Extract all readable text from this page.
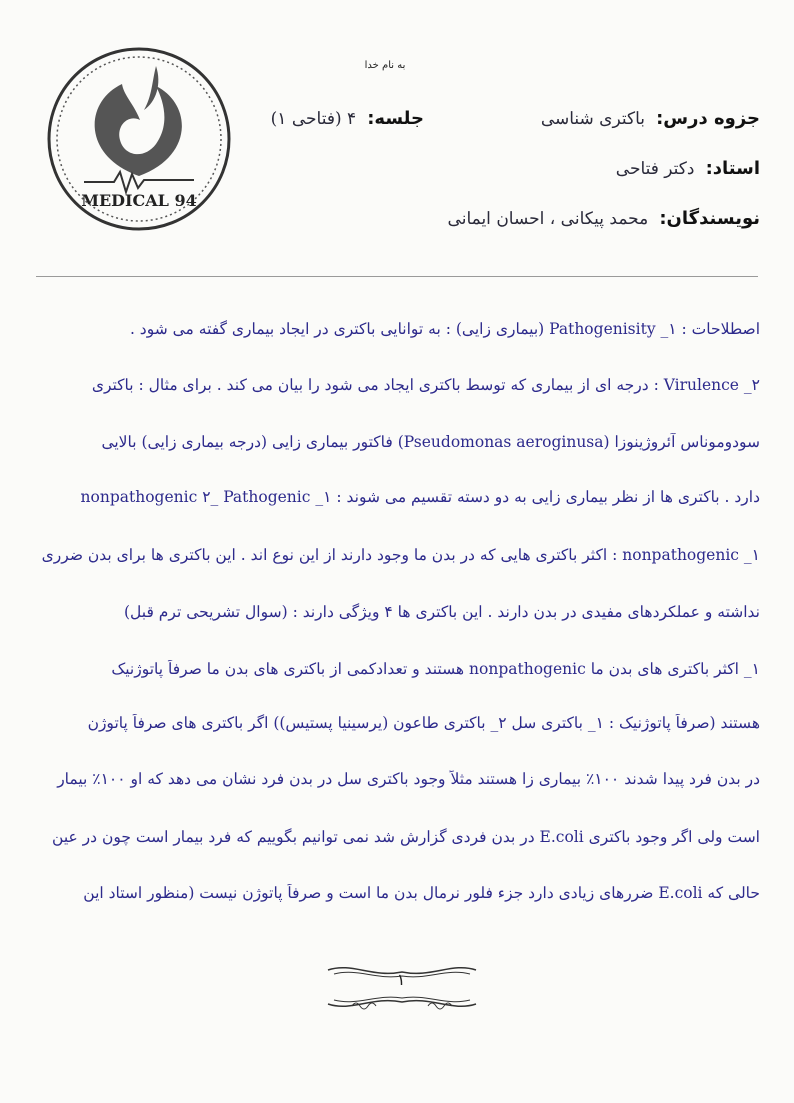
MEDICAL 94
به نام خدا
جزوه درس: باکتری شناسی
جلسه: ۴ (فتاحی ۱)
استاد: دکتر فتاحی
نویسندگان: محمد پیکانی ، احسان ایمانی
اصطلاحات : ۱_ Pathogenisity (بیماری زایی) : به توانایی باکتری در ایجاد بیماری گفته می شود .
۲_ Virulence : درجه ای از بیماری که توسط باکتری ایجاد می شود را بیان می کند . برای مثال : باکتری
سودوموناس آئروژینوزا (Pseudomonas aeroginusa) فاکتور بیماری زایی (درجه بیماری زایی) بالایی
دارد . باکتری ها از نظر بیماری زایی به دو دسته تقسیم می شوند : ۱_ nonpathogenic ۲_ Pathogenic
۱_ nonpathogenic : اکثر باکتری هایی که در بدن ما وجود دارند از این نوع اند . این باکتری ها برای بدن ضرری
نداشته و عملکردهای مفیدی در بدن دارند . این باکتری ها ۴ ویژگی دارند : (سوال تشریحی ترم قبل)
۱_ اکثر باکتری های بدن ما nonpathogenic هستند و تعدادکمی از باکتری های بدن ما صرفاً پاتوژنیک
هستند (صرفاً پاتوژنیک : ۱_ باکتری سل ۲_ باکتری طاعون (یرسینیا پستیس)) اگر باکتری های صرفاً پاتوژن
در بدن فرد پیدا شدند ۱۰۰٪ بیماری زا هستند مثلاً وجود باکتری سل در بدن فرد نشان می دهد که او ۱۰۰٪ بیمار
است ولی اگر وجود باکتری E.coli در بدن فردی گزارش شد نمی توانیم بگوییم که فرد بیمار است چون در عین
حالی که E.coli ضررهای زیادی دارد جزء فلور نرمال بدن ما است و صرفاً پاتوژن نیست (منظور استاد این
۱
